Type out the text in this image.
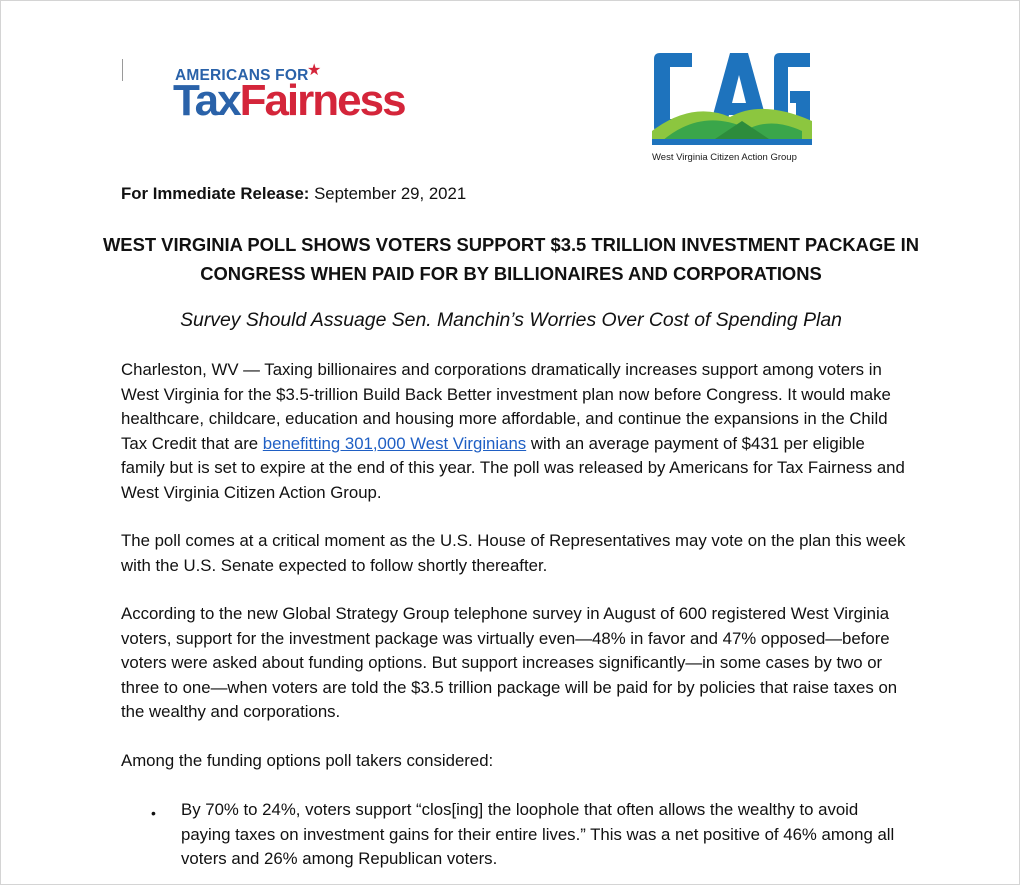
AMERICANS FOR
★
TaxFairness
West Virginia Citizen Action Group
For Immediate Release: September 29, 2021
WEST VIRGINIA POLL SHOWS VOTERS SUPPORT $3.5 TRILLION INVESTMENT PACKAGE IN CONGRESS WHEN PAID FOR BY BILLIONAIRES AND CORPORATIONS
Survey Should Assuage Sen. Manchin’s Worries Over Cost of Spending Plan
Charleston, WV — Taxing billionaires and corporations dramatically increases support among voters in West Virginia for the $3.5-trillion Build Back Better investment plan now before Congress. It would make healthcare, childcare, education and housing more affordable, and continue the expansions in the Child Tax Credit that are benefitting 301,000 West Virginians with an average payment of $431 per eligible family but is set to expire at the end of this year. The poll was released by Americans for Tax Fairness and West Virginia Citizen Action Group.
The poll comes at a critical moment as the U.S. House of Representatives may vote on the plan this week with the U.S. Senate expected to follow shortly thereafter.
According to the new Global Strategy Group telephone survey in August of 600 registered West Virginia voters, support for the investment package was virtually even—48% in favor and 47% opposed—before voters were asked about funding options. But support increases significantly—in some cases by two or three to one—when voters are told the $3.5 trillion package will be paid for by policies that raise taxes on the wealthy and corporations.
Among the funding options poll takers considered:
• By 70% to 24%, voters support “clos[ing] the loophole that often allows the wealthy to avoid paying taxes on investment gains for their entire lives.” This was a net positive of 46% among all voters and 26% among Republican voters.
